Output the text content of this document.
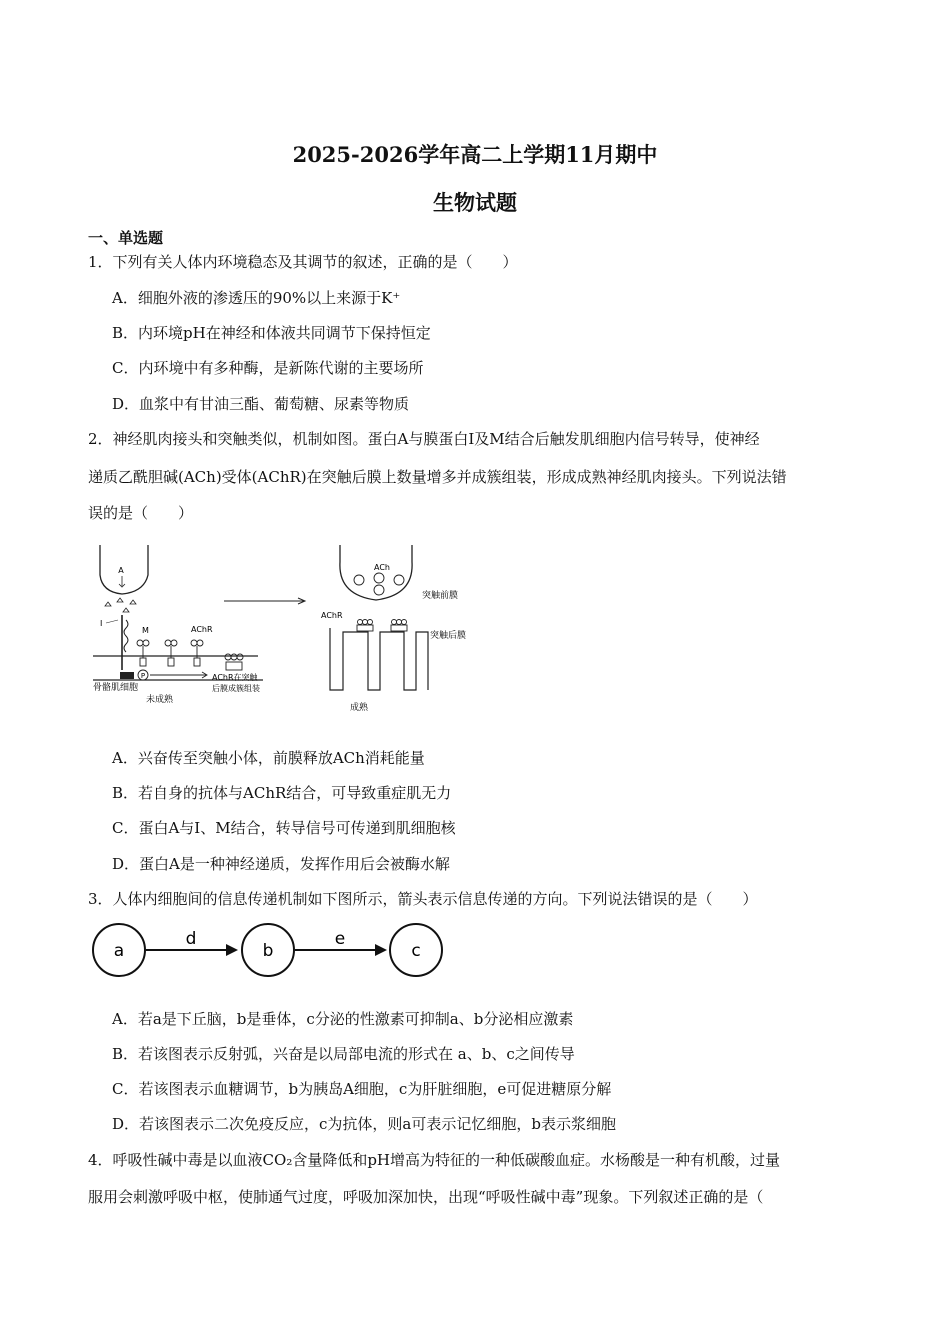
2025-2026学年高二上学期11月期中
生物试题
一、单选题
1．下列有关人体内环境稳态及其调节的叙述，正确的是（　　）
A．细胞外液的渗透压的90%以上来源于K⁺
B．内环境pH在神经和体液共同调节下保持恒定
C．内环境中有多种酶，是新陈代谢的主要场所
D．血浆中有甘油三酯、葡萄糖、尿素等物质
2．神经肌肉接头和突触类似，机制如图。蛋白A与膜蛋白I及M结合后触发肌细胞内信号转导，使神经
递质乙酰胆碱(ACh)受体(AChR)在突触后膜上数量增多并成簇组装，形成成熟神经肌肉接头。下列说法错
误的是（　　）
A
I
M	AChR
P
骨骼肌细胞
AChR在突触
后膜成簇组装
未成熟
ACh
突触前膜
AChR
突触后膜
成熟
A．兴奋传至突触小体，前膜释放ACh消耗能量
B．若自身的抗体与AChR结合，可导致重症肌无力
C．蛋白A与I、M结合，转导信号可传递到肌细胞核
D．蛋白A是一种神经递质，发挥作用后会被酶水解
3．人体内细胞间的信息传递机制如下图所示，箭头表示信息传递的方向。下列说法错误的是（　　）
a
d
b
e
c
A．若a是下丘脑，b是垂体，c分泌的性激素可抑制a、b分泌相应激素
B．若该图表示反射弧，兴奋是以局部电流的形式在 a、b、c之间传导
C．若该图表示血糖调节，b为胰岛A细胞，c为肝脏细胞，e可促进糖原分解
D．若该图表示二次免疫反应，c为抗体，则a可表示记忆细胞，b表示浆细胞
4．呼吸性碱中毒是以血液CO₂含量降低和pH增高为特征的一种低碳酸血症。水杨酸是一种有机酸，过量
服用会刺激呼吸中枢，使肺通气过度，呼吸加深加快，出现“呼吸性碱中毒”现象。下列叙述正确的是（
